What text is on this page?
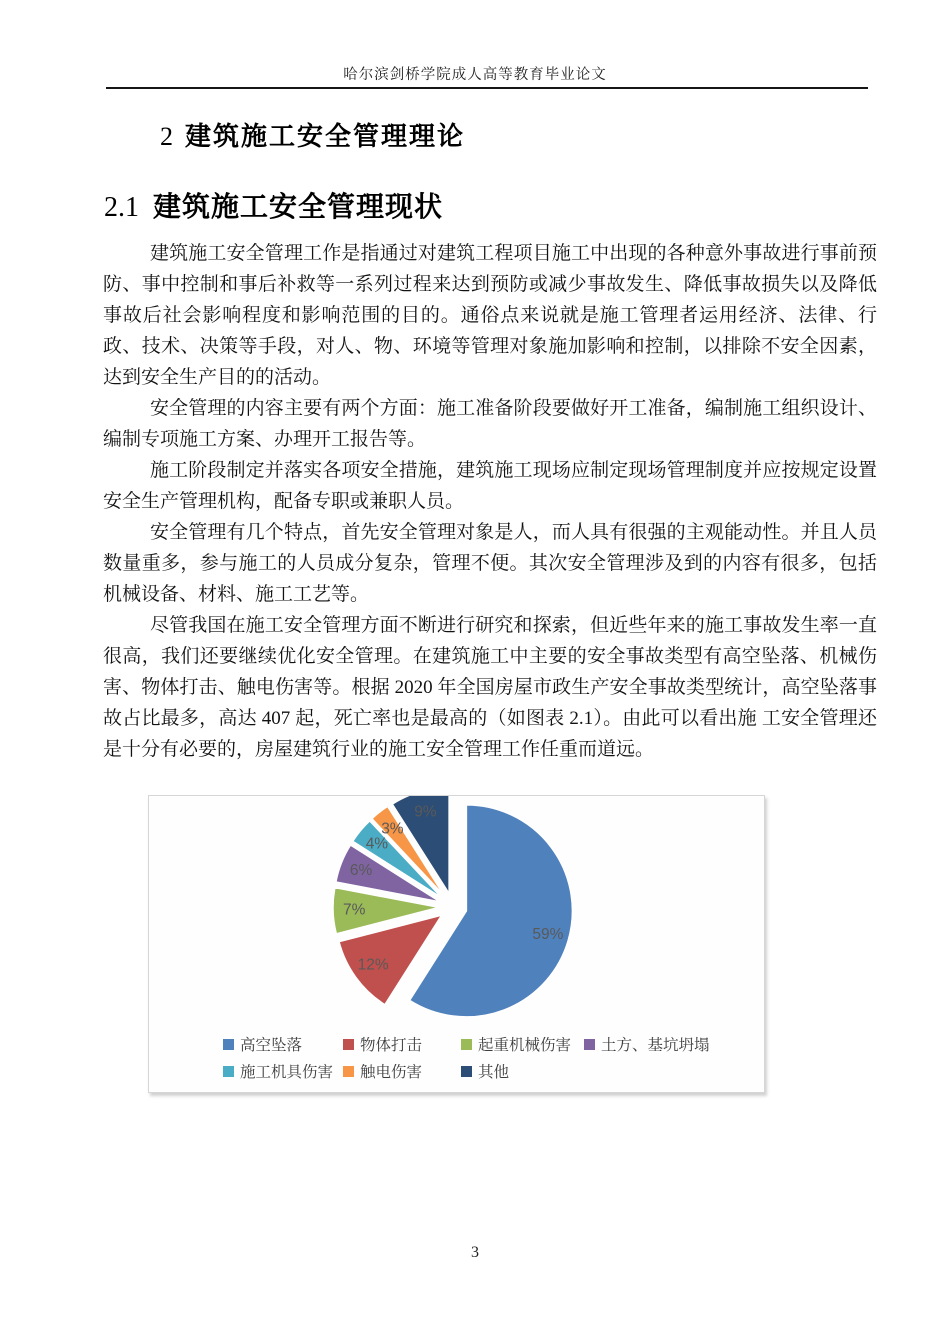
哈尔滨剑桥学院成人高等教育毕业论文
2 建筑施工安全管理理论
2.1 建筑施工安全管理现状

建筑施工安全管理工作是指通过对建筑工程项目施工中出现的各种意外事故进行事前预防、事中控制和事后补救等一系列过程来达到预防或减少事故发生、降低事故损失以及降低事故后社会影响程度和影响范围的目的。通俗点来说就是施工管理者运用经济、法律、行政、技术、决策等手段，对人、物、环境等管理对象施加影响和控制，以排除不安全因素，达到安全生产目的的活动。

安全管理的内容主要有两个方面：施工准备阶段要做好开工准备，编制施工组织设计、编制专项施工方案、办理开工报告等。

施工阶段制定并落实各项安全措施，建筑施工现场应制定现场管理制度并应按规定设置安全生产管理机构，配备专职或兼职人员。

安全管理有几个特点，首先安全管理对象是人，而人具有很强的主观能动性。并且人员数量重多，参与施工的人员成分复杂，管理不便。其次安全管理涉及到的内容有很多，包括机械设备、材料、施工工艺等。

尽管我国在施工安全管理方面不断进行研究和探索，但近些年来的施工事故发生率一直很高，我们还要继续优化安全管理。在建筑施工中主要的安全事故类型有高空坠落、机械伤害、物体打击、触电伤害等。根据 2020 年全国房屋市政生产安全事故类型统计，高空坠落事故占比最多，高达 407 起，死亡率也是最高的（如图表 2.1）。由此可以看出施 工安全管理还是十分有必要的，房屋建筑行业的施工安全管理工作任重而道远。

59%
12%
7%
6%
4%
3%
9%
高空坠落	物体打击	起重机械伤害 土方、基坑坍塌
施工机具伤害 触电伤害	其他
3
